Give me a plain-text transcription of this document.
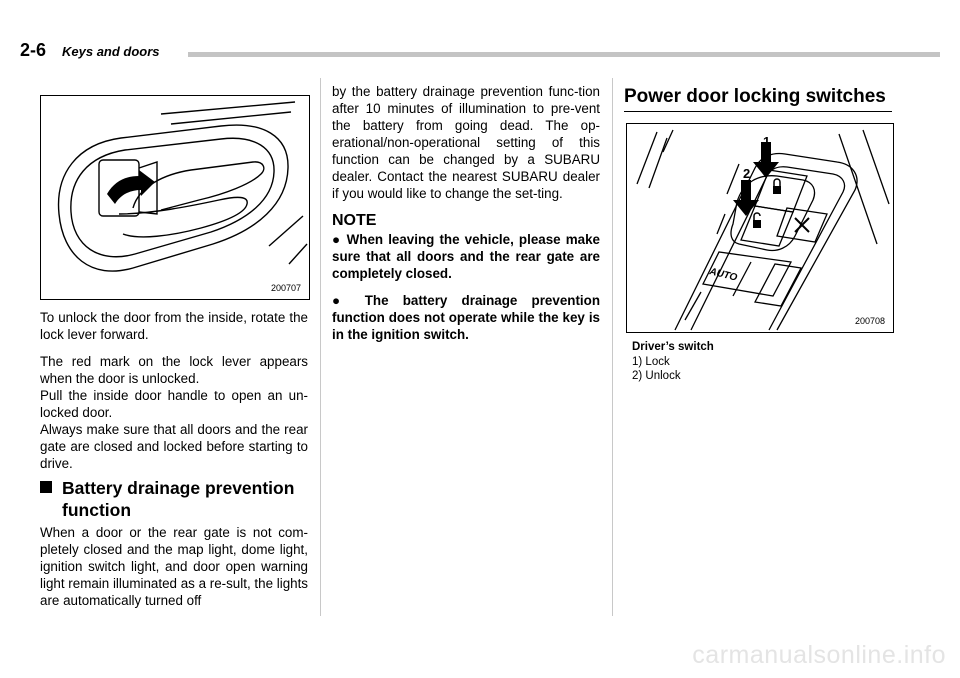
2-6 Keys and doors
200707

To unlock the door from the inside, rotate the lock lever forward.

The red mark on the lock lever appears when the door is unlocked.

Pull the inside door handle to open an un-locked door.

Always make sure that all doors and the rear gate are closed and locked before starting to drive.

Battery drainage prevention
function

When a door or the rear gate is not com-pletely closed and the map light, dome light, ignition switch light, and door open warning light remain illuminated as a re-sult, the lights are automatically turned off

by the battery drainage prevention func-tion after 10 minutes of illumination to pre-vent the battery from going dead. The op-erational/non-operational setting of this function can be changed by a SUBARU dealer. Contact the nearest SUBARU dealer if you would like to change the set-ting.

NOTE

● When leaving the vehicle, please make sure that all doors and the rear gate are completely closed.

● The battery drainage prevention function does not operate while the key is in the ignition switch.

Power door locking switches
1
2
AUTO
200708
Driver’s switch
1) Lock
2) Unlock
carmanualsonline.info
